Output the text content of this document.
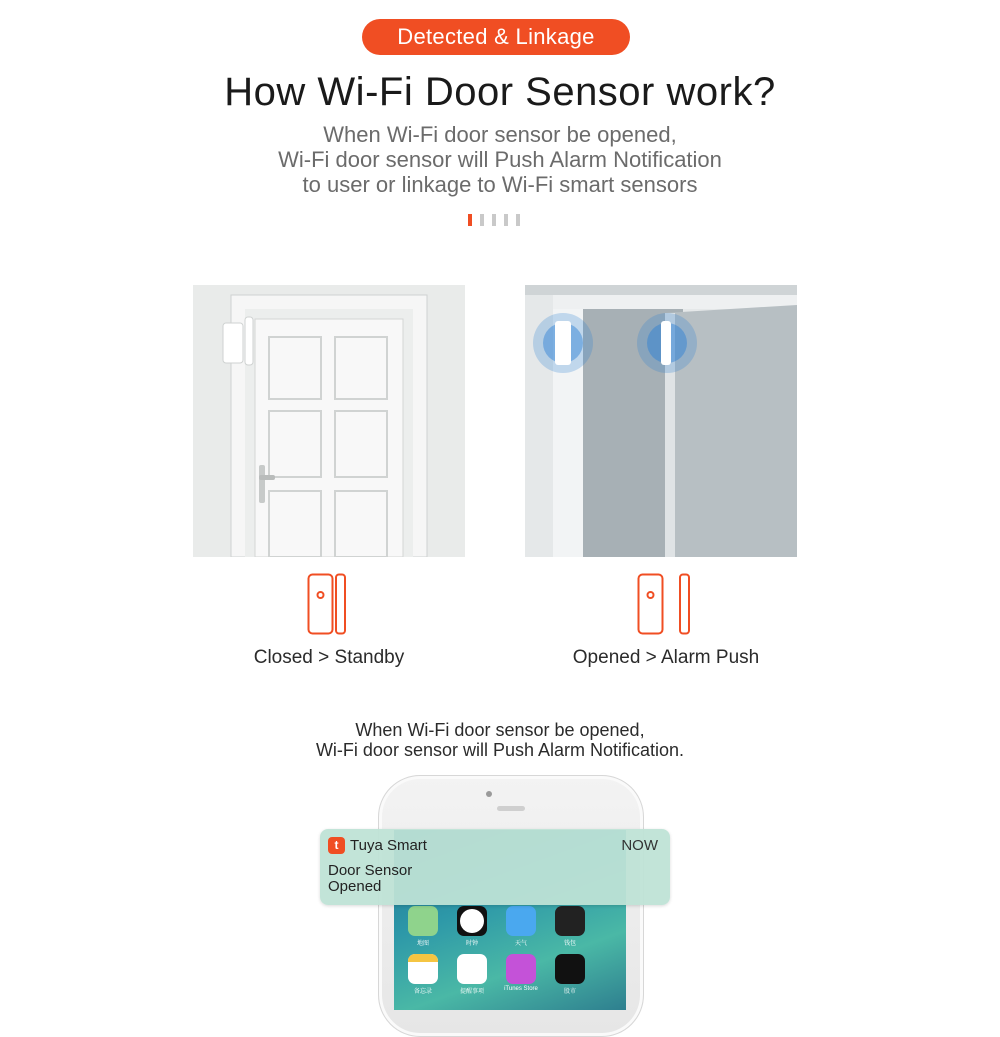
Detected & Linkage
How Wi-Fi Door Sensor work?
When Wi-Fi door sensor be opened,
Wi-Fi door sensor will Push Alarm Notification
to user or linkage to Wi-Fi smart sensors
Closed > Standby	Opened > Alarm Push
When Wi-Fi door sensor be opened,
Wi-Fi door sensor will Push Alarm Notification.
地图	时钟	天气	钱包
备忘录	提醒事项	iTunes Store	股市
t Tuya Smart	NOW
Door Sensor
Opened
